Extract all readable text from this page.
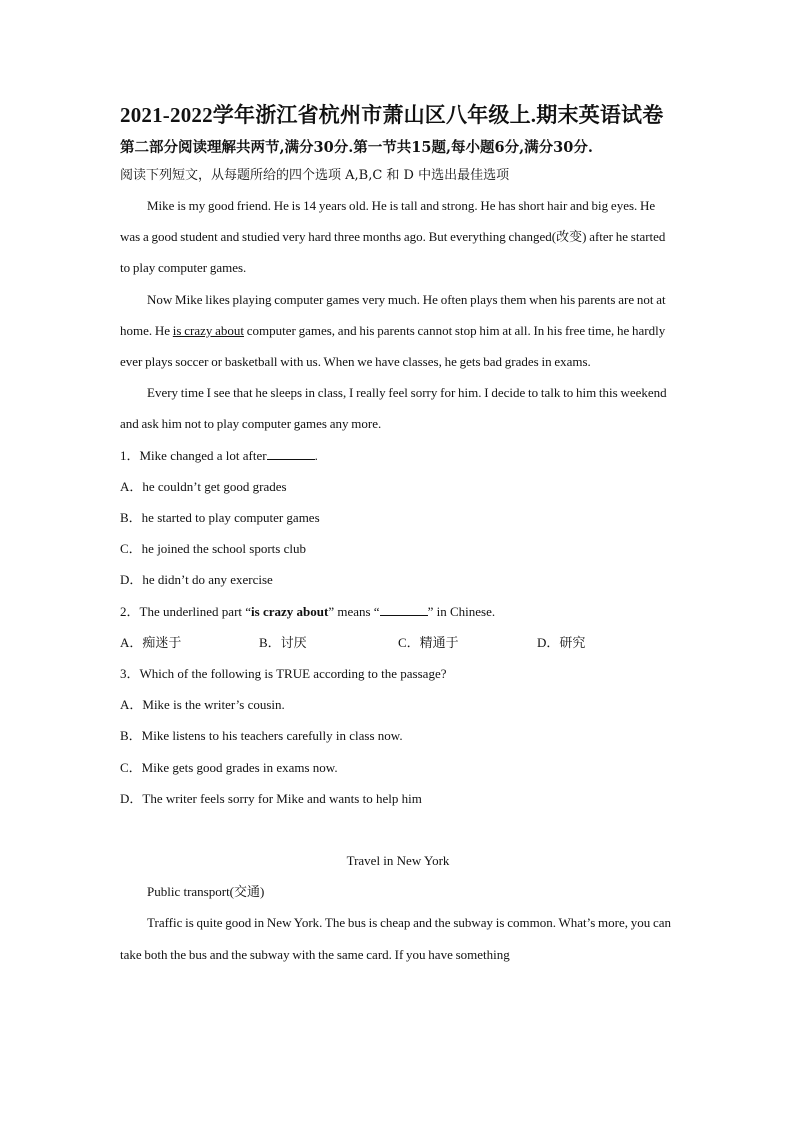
2021-2022学年浙江省杭州市萧山区八年级上.期末英语试卷
第二部分阅读理解共两节,满分30分.第一节共15题,每小题6分,满分30分.
阅读下列短文，从每题所给的四个选项 A,B,C 和 D 中选出最佳选项
Mike is my good friend. He is 14 years old. He is tall and strong. He has short hair and big eyes. He was a good student and studied very hard three months ago. But everything changed(改变) after he started to play computer games.
Now Mike likes playing computer games very much. He often plays them when his parents are not at home. He is crazy about computer games, and his parents cannot stop him at all. In his free time, he hardly ever plays soccer or basketball with us. When we have classes, he gets bad grades in exams.
Every time I see that he sleeps in class, I really feel sorry for him. I decide to talk to him this weekend and ask him not to play computer games any more.
1．Mike changed a lot after	.
A．he couldn’t get good grades
B．he started to play computer games
C．he joined the school sports club
D．he didn’t do any exercise
2．The underlined part “is crazy about” means “	” in Chinese.
A．痴迷于	B．讨厌	C．精通于	D．研究
3．Which of the following is TRUE according to the passage?
A．Mike is the writer’s cousin.
B．Mike listens to his teachers carefully in class now.
C．Mike gets good grades in exams now.
D．The writer feels sorry for Mike and wants to help him
Travel in New York
Public transport(交通)
Traffic is quite good in New York. The bus is cheap and the subway is common. What’s more, you can take both the bus and the subway with the same card. If you have something
